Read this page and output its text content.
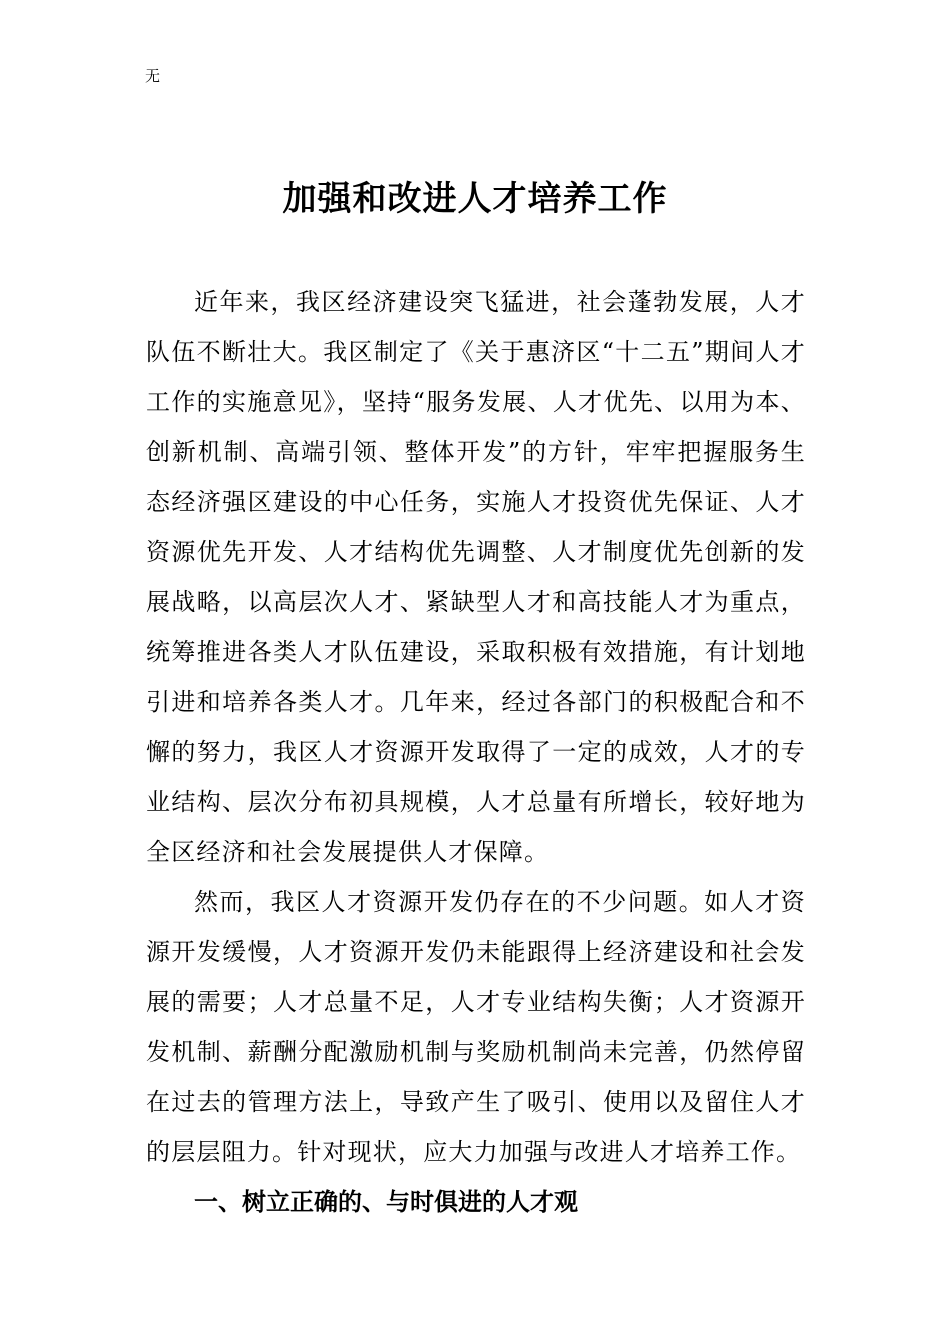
无
加强和改进人才培养工作

近年来，我区经济建设突飞猛进，社会蓬勃发展，人才队伍不断壮大。我区制定了《关于惠济区“十二五”期间人才工作的实施意见》，坚持“服务发展、人才优先、以用为本、创新机制、高端引领、整体开发”的方针，牢牢把握服务生态经济强区建设的中心任务，实施人才投资优先保证、人才资源优先开发、人才结构优先调整、人才制度优先创新的发展战略，以高层次人才、紧缺型人才和高技能人才为重点，统筹推进各类人才队伍建设，采取积极有效措施，有计划地引进和培养各类人才。几年来，经过各部门的积极配合和不懈的努力，我区人才资源开发取得了一定的成效，人才的专业结构、层次分布初具规模，人才总量有所增长，较好地为全区经济和社会发展提供人才保障。

然而，我区人才资源开发仍存在的不少问题。如人才资源开发缓慢，人才资源开发仍未能跟得上经济建设和社会发展的需要；人才总量不足，人才专业结构失衡；人才资源开发机制、薪酬分配激励机制与奖励机制尚未完善，仍然停留在过去的管理方法上，导致产生了吸引、使用以及留住人才的层层阻力。针对现状，应大力加强与改进人才培养工作。

一、树立正确的、与时俱进的人才观
